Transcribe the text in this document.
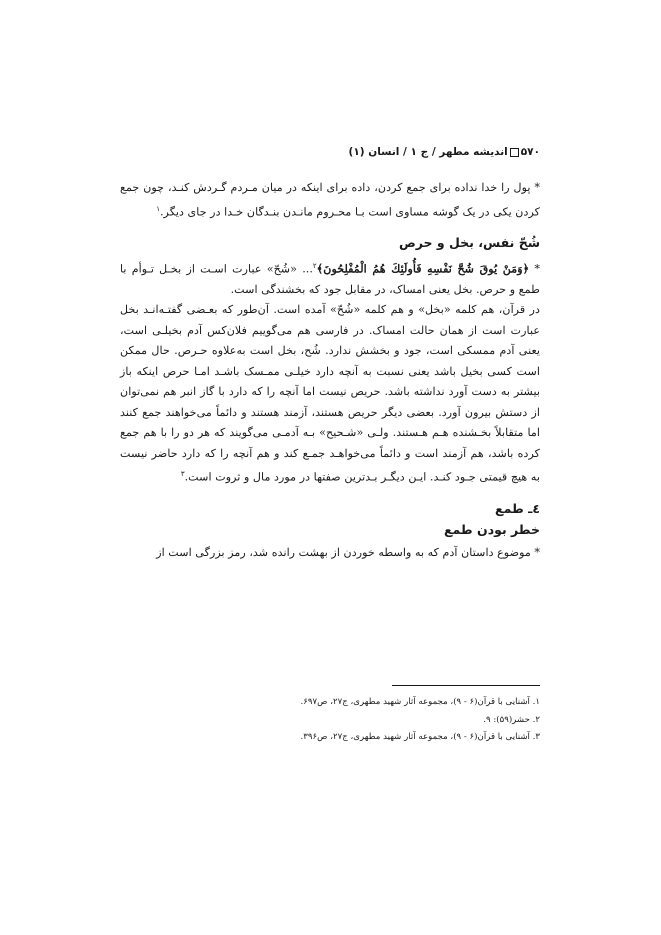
۵۷۰اندیشه مطهر / ج ۱ / انسان (۱)

* پول را خدا نداده برای جمع کردن، داده برای اینکه در میان مـردم گـردش کنـد، چون جمع کردن یکی در یک گوشه مساوی است بـا محـروم مانـدن بنـدگان خـدا در جای دیگر.$^۱$

شُحّ نفس، بخل و حرص

* ﴿وَمَنْ يُوقَ شُحَّ نَفْسِهِ فَأُولَئِكَ هُمُ الْمُفْلِحُونَ﴾$^۲$... «شُحّ» عبارت اسـت از بخـل تـوأم با طمع و حرص. بخل یعنی امساک، در مقابل جود که بخشندگی است.

در قرآن، هم کلمه «بخل» و هم کلمه «شُحّ» آمده است. آن‌طور که بعـضی گفتـه‌انـد بخل عبارت است از همان حالت امساک. در فارسی هم می‌گوییم فلان‌کس آدم بخیلـی است، یعنی آدم ممسکی است، جود و بخشش ندارد. شُح، بخل است به‌علاوه حـرص. حال ممکن است کسی بخیل باشد یعنی نسبت به آنچه دارد خیلـی ممـسک باشـد امـا حرص اینکه باز بیشتر به دست آورد نداشته باشد. حریص نیست اما آنچه را که دارد با گاز انبر هم نمی‌توان از دستش بیرون آورد. بعضی دیگر حریص هستند، آزمند هستند و دائماً می‌خواهند جمع کنند اما متقابلاً بخـشنده هـم هـستند. ولـی «شـحیح» بـه آدمـی می‌گویند که هر دو را با هم جمع کرده باشد، هم آزمند است و دائماً می‌خواهـد جمـع کند و هم آنچه را که دارد حاضر نیست به هیچ قیمتی جـود کنـد. ایـن دیگـر بـدترین صفتها در مورد مال و ثروت است.$^۳$

٤ـ طمع
خطر بودن طمع

* موضوع داستان آدم که به واسطه خوردن از بهشت رانده شد، رمز بزرگی است از

۱. آشنایی با قرآن(۶ - ۹)، مجموعه آثار شهید مطهری، ج۲۷، ص۶۹۷.
۲. حشر(۵۹): ۹.
۳. آشنایی با قرآن(۶ - ۹)، مجموعه آثار شهید مطهری، ج۲۷، ص۳۹۶.
